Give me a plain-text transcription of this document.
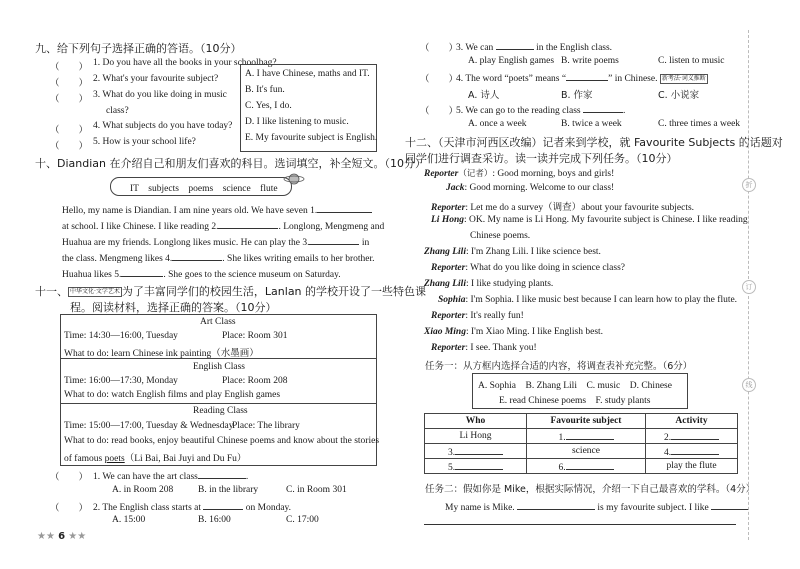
九、给下列句子选择正确的答语。（10分）
（　　） 1. Do you have all the books in your schoolbag?
（　　） 2. What's your favourite subject?
（　　） 3. What do you like doing in music
class?
（　　） 4. What subjects do you have today?
（　　） 5. How is your school life?
A. I have Chinese, maths and IT.
B. It's fun.
C. Yes, I do.
D. I like listening to music.
E. My favourite subject is English.
十、Diandian 在介绍自己和朋友们喜欢的科目。选词填空，补全短文。（10分）
IT　subjects　poems　science　flute
Hello, my name is Diandian. I am nine years old. We have seven 1.
at school. I like Chinese. I like reading 2.	. Longlong, Mengmeng and
Huahua are my friends. Longlong likes music. He can play the 3.	in
the class. Mengmeng likes 4.	. She likes writing emails to her brother.
Huahua likes 5.	. She goes to the science museum on Saturday.
十一、 中华文化·文学艺术 为了丰富同学们的校园生活，Lanlan 的学校开设了一些特色课
程。阅读材料，选择正确的答案。（10分）
Art Class
Time: 14:30—16:00, Tuesday	Place: Room 301
What to do: learn Chinese ink painting（水墨画）
English Class
Time: 16:00—17:30, Monday	Place: Room 208
What to do: watch English films and play English games
Reading Class
Time: 15:00—17:00, Tuesday & Wednesday
Place: The library
What to do: read books, enjoy beautiful Chinese poems and know about the stories
of famous poets（Li Bai, Bai Juyi and Du Fu）
（　　） 1. We can have the art class	.
A. in Room 208	B. in the library	C. in Room 301
（　　） 2. The English class starts at	on Monday.
A. 15:00	B. 16:00	C. 17:00
★★ 6 ★★
（　　）
3. We can	in the English class.
A. play English games B. write poems	C. listen to music
（　　）
4. The word “poets” means “	” in Chinese. 新考法·词义推断
A. 诗人	B. 作家	C. 小说家
（　　）
5. We can go to the reading class	.
A. once a week	B. twice a week	C. three times a week
十二、（天津市河西区改编）记者来到学校，就 Favourite Subjects 的话题对
同学们进行调查采访。读一读并完成下列任务。（10分）
Reporter（记者）: Good morning, boys and girls!
Jack: Good morning. Welcome to our class!
Reporter: Let me do a survey（调查）about your favourite subjects.
Li Hong: OK. My name is Li Hong. My favourite subject is Chinese. I like reading
Chinese poems.
Zhang Lili: I'm Zhang Lili. I like science best.
Reporter: What do you like doing in science class?
Zhang Lili: I like studying plants.
Sophia: I'm Sophia. I like music best because I can learn how to play the flute.
Reporter: It's really fun!
Xiao Ming: I'm Xiao Ming. I like English best.
Reporter: I see. Thank you!
任务一：从方框内选择合适的内容，将调查表补充完整。（6分）
A. Sophia　B. Zhang Lili　C. music　D. Chinese
E. read Chinese poems　F. study plants
Who	Favourite subject	Activity
Li Hong	1.	2.
3.	science	4.
5.	6.	play the flute
任务二：假如你是 Mike，根据实际情况，介绍一下自己最喜欢的学科。（4分）
My name is Mike.	is my favourite subject. I like
折
订
线
